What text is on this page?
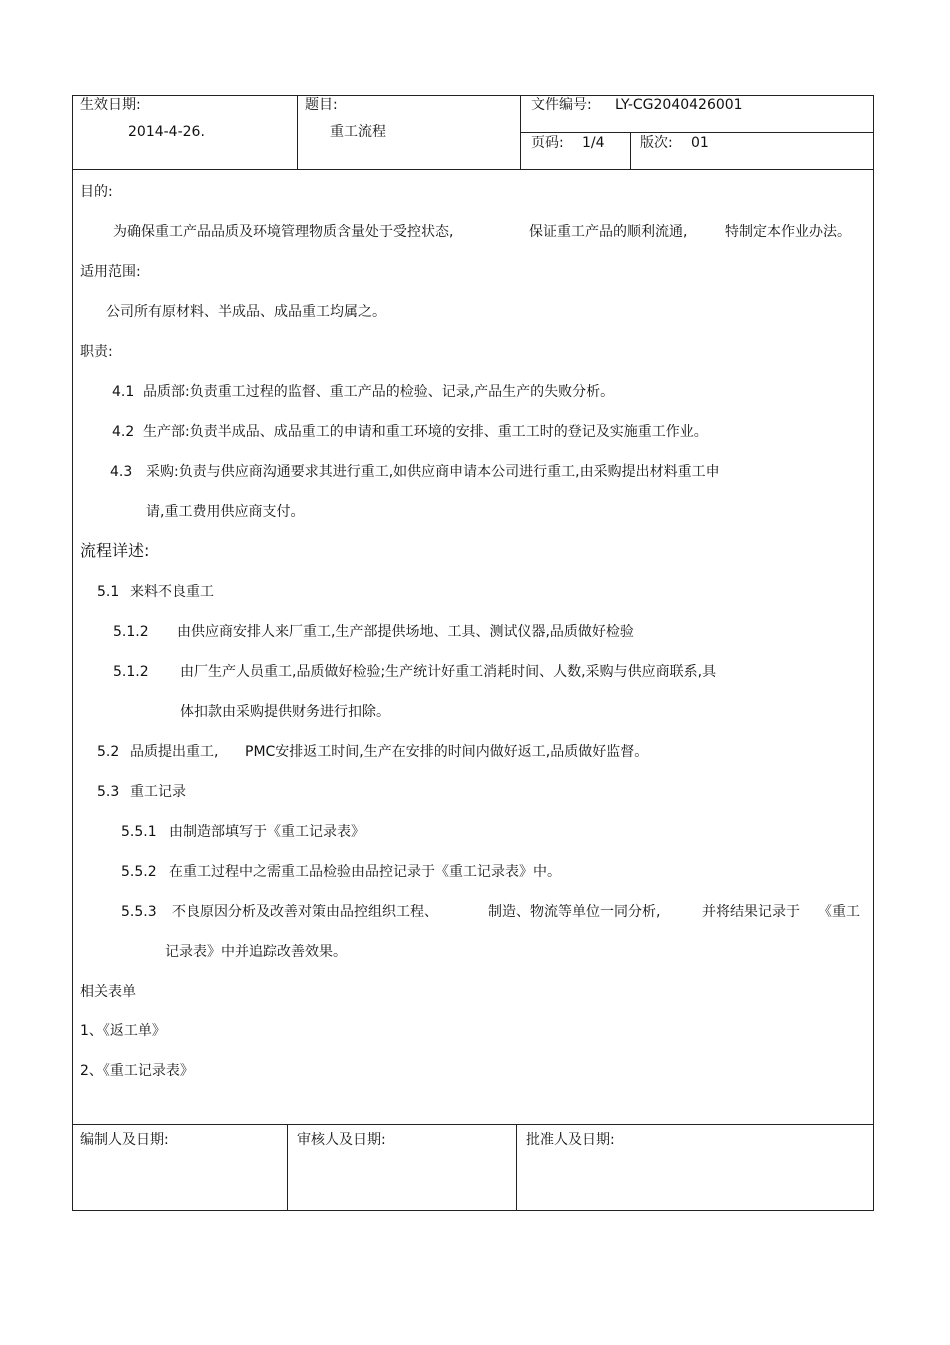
生效日期:
2014-4-26.
题目:
重工流程
文件编号: LY-CG2040426001
页码: 1/4	版次: 01
目的:
为确保重工产品品质及环境管理物质含量处于受控状态,	保证重工产品的顺利流通,	特制定本作业办法。
适用范围:
公司所有原材料、半成品、成品重工均属之。
职责:
4.1 品质部:负责重工过程的监督、重工产品的检验、记录,产品生产的失败分析。
4.2 生产部:负责半成品、成品重工的申请和重工环境的安排、重工工时的登记及实施重工作业。
4.3 采购:负责与供应商沟通要求其进行重工,如供应商申请本公司进行重工,由采购提出材料重工申
请,重工费用供应商支付。
流程详述:
5.1 来料不良重工
5.1.2 由供应商安排人来厂重工,生产部提供场地、工具、测试仪器,品质做好检验
5.1.2 由厂生产人员重工,品质做好检验;生产统计好重工消耗时间、人数,采购与供应商联系,具
体扣款由采购提供财务进行扣除。
5.2 品质提出重工, PMC安排返工时间,生产在安排的时间内做好返工,品质做好监督。
5.3 重工记录
5.5.1 由制造部填写于《重工记录表》
5.5.2 在重工过程中之需重工品检验由品控记录于《重工记录表》中。
5.5.3 不良原因分析及改善对策由品控组织工程、	制造、物流等单位一同分析,	并将结果记录于 《重工
记录表》中并追踪改善效果。
相关表单
1、《返工单》
2、《重工记录表》
编制人及日期:	审核人及日期:	批准人及日期:
